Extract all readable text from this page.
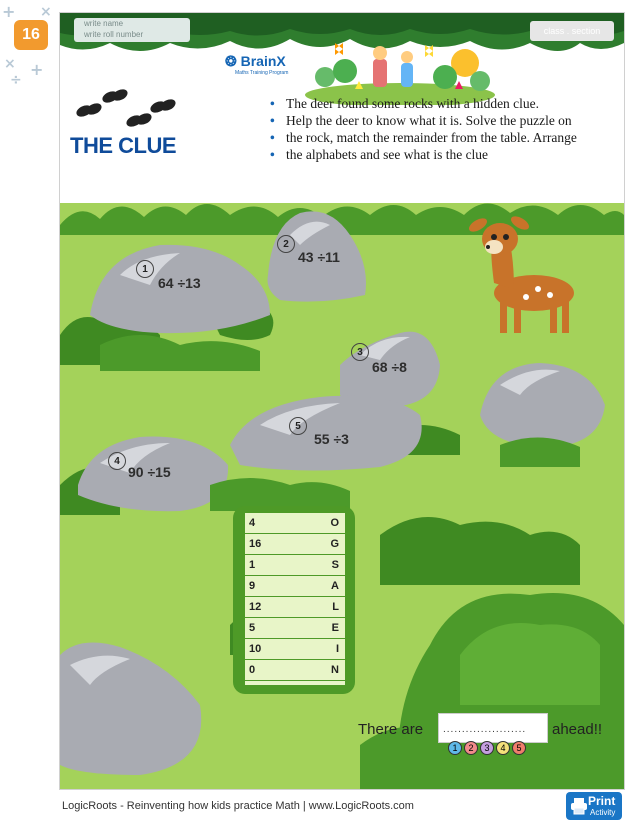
+ ×
× +
÷
16
write name
write roll number	class . section
❂ BrainX
Maths Training Program
THE CLUE
• The deer found some rocks with a hidden clue.
• Help the deer to know what it is. Solve the puzzle on
• the rock, match the remainder from the table. Arrange
• the alphabets and see what is the clue
1
64 ÷13
2
43 ÷11
3
68 ÷8
4
90 ÷15
5
55 ÷3
4	O
16	G
1	S
9	A
12	L
5	E
10	I
0	N
There are ...................... ahead!!
1	2	3	4	5
LogicRoots - Reinventing how kids practice Math | www.LogicRoots.com	Print
Activity
